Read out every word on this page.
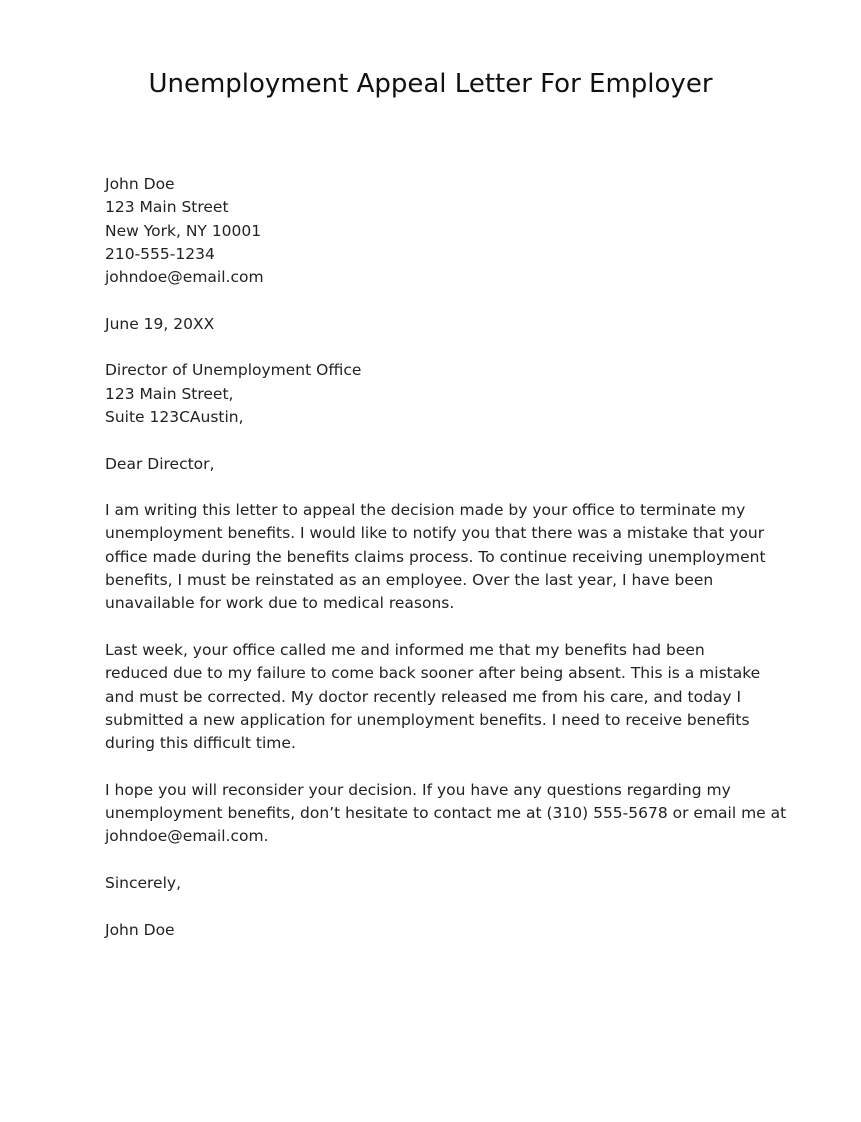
Unemployment Appeal Letter For Employer
John Doe
123 Main Street
New York, NY 10001
210-555-1234
johndoe@email.com
June 19, 20XX
Director of Unemployment Office
123 Main Street,
Suite 123CAustin,
Dear Director,
I am writing this letter to appeal the decision made by your office to terminate my
unemployment benefits. I would like to notify you that there was a mistake that your
office made during the benefits claims process. To continue receiving unemployment
benefits, I must be reinstated as an employee. Over the last year, I have been
unavailable for work due to medical reasons.
Last week, your office called me and informed me that my benefits had been
reduced due to my failure to come back sooner after being absent. This is a mistake
and must be corrected. My doctor recently released me from his care, and today I
submitted a new application for unemployment benefits. I need to receive benefits
during this difficult time.
I hope you will reconsider your decision. If you have any questions regarding my
unemployment benefits, don’t hesitate to contact me at (310) 555-5678 or email me at
johndoe@email.com.
Sincerely,
John Doe
